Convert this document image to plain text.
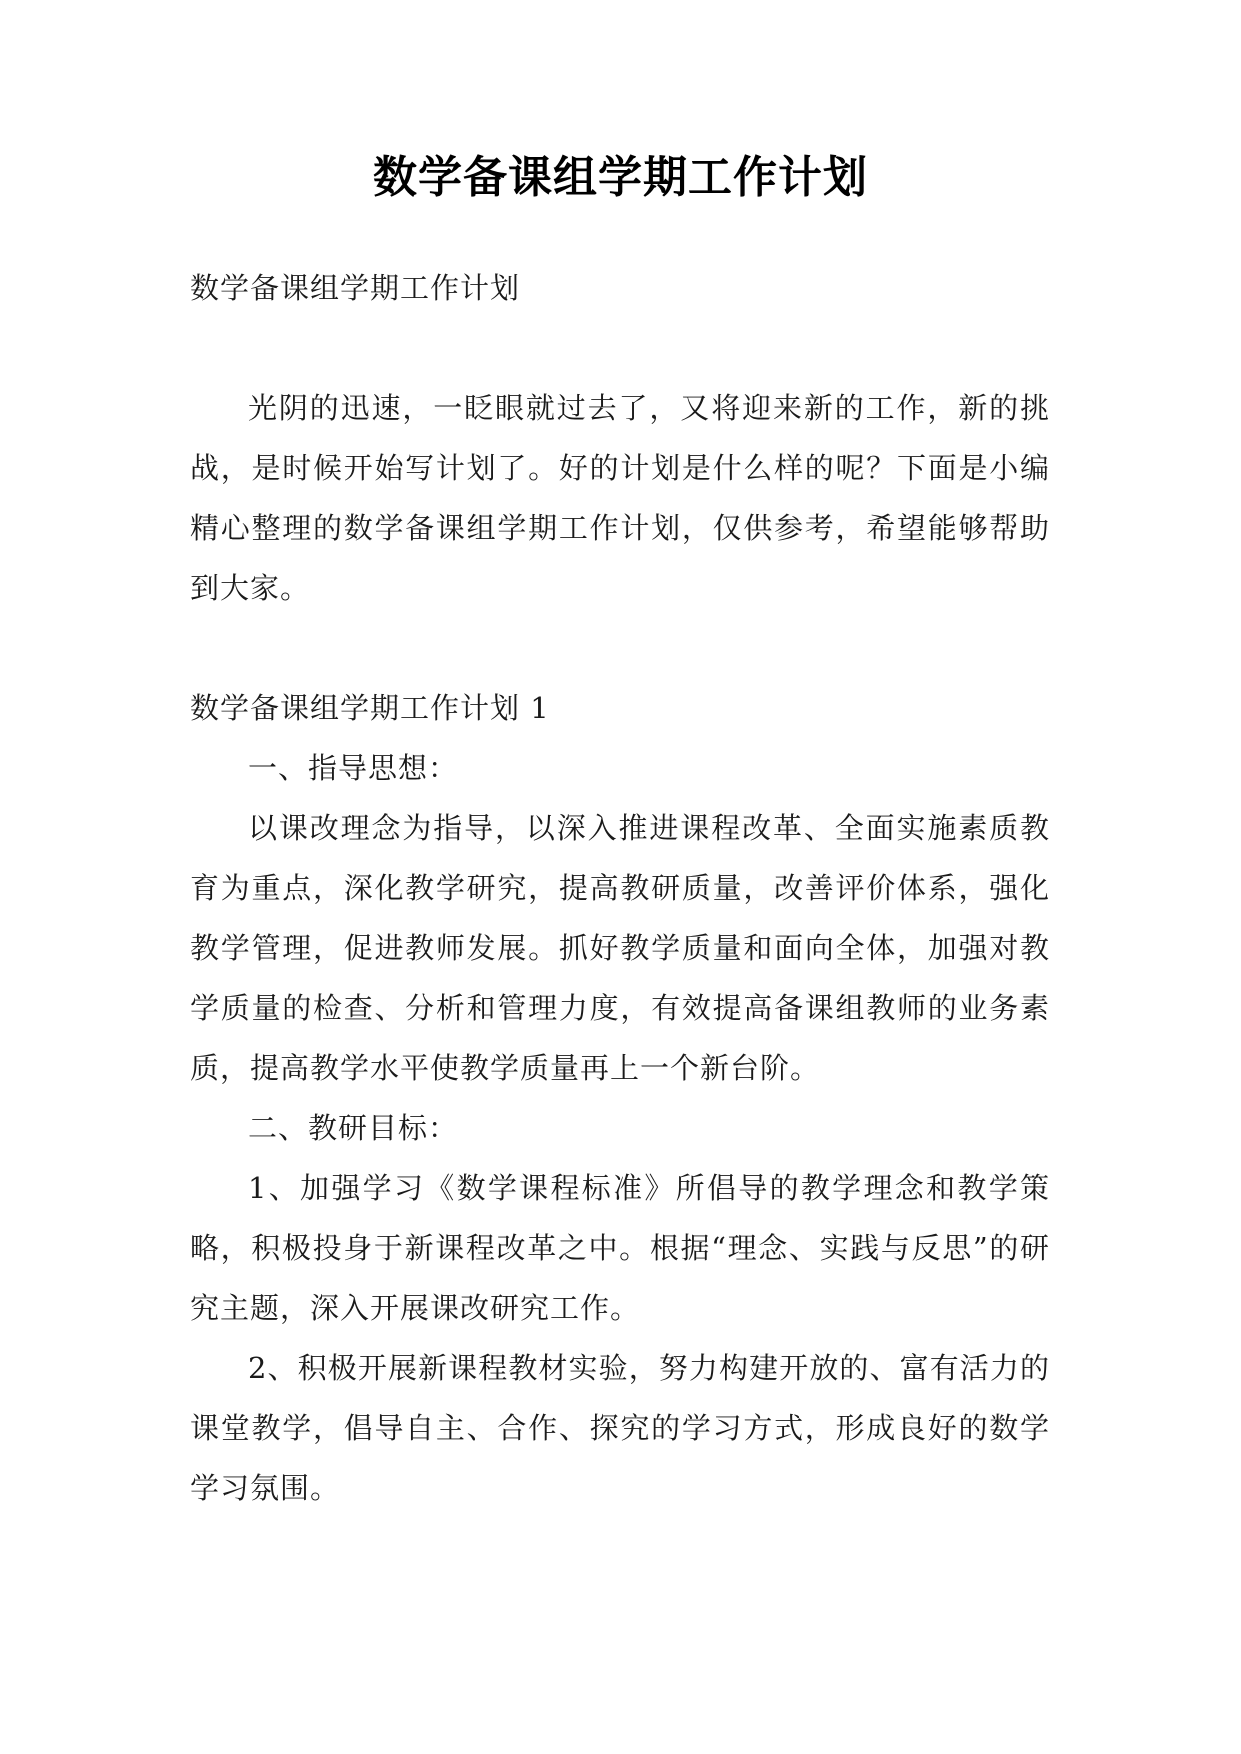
数学备课组学期工作计划

数学备课组学期工作计划

光阴的迅速，一眨眼就过去了，又将迎来新的工作，新的挑战，是时候开始写计划了。好的计划是什么样的呢？下面是小编精心整理的数学备课组学期工作计划，仅供参考，希望能够帮助到大家。

数学备课组学期工作计划 1

一、指导思想：

以课改理念为指导，以深入推进课程改革、全面实施素质教育为重点，深化教学研究，提高教研质量，改善评价体系，强化教学管理，促进教师发展。抓好教学质量和面向全体，加强对教学质量的检查、分析和管理力度，有效提高备课组教师的业务素质，提高教学水平使教学质量再上一个新台阶。

二、教研目标：

1、加强学习《数学课程标准》所倡导的教学理念和教学策略，积极投身于新课程改革之中。根据“理念、实践与反思”的研究主题，深入开展课改研究工作。

2、积极开展新课程教材实验，努力构建开放的、富有活力的课堂教学，倡导自主、合作、探究的学习方式，形成良好的数学学习氛围。
